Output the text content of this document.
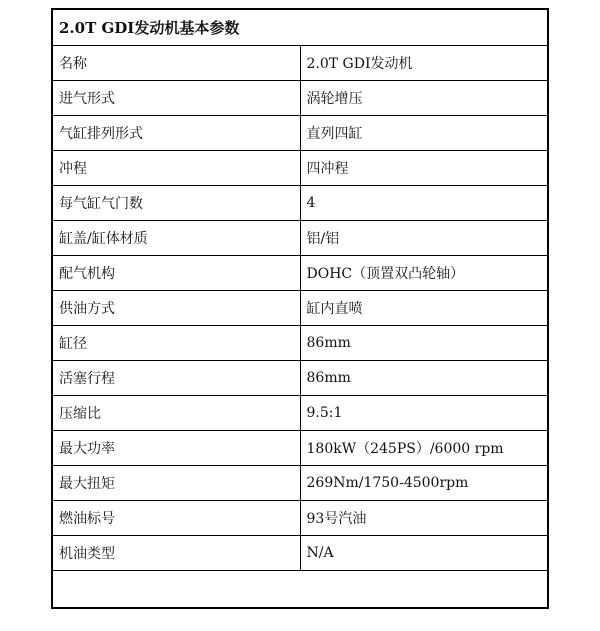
2.0T GDI发动机基本参数	
名称	2.0T GDI发动机
进气形式	涡轮增压
气缸排列形式	直列四缸
冲程	四冲程
每气缸气门数	4
缸盖/缸体材质	铝/铝
配气机构	DOHC（顶置双凸轮轴）
供油方式	缸内直喷
缸径	86mm
活塞行程	86mm
压缩比	9.5:1
最大功率	180kW（245PS）/6000 rpm
最大扭矩	269Nm/1750-4500rpm
燃油标号	93号汽油
机油类型	N/A
